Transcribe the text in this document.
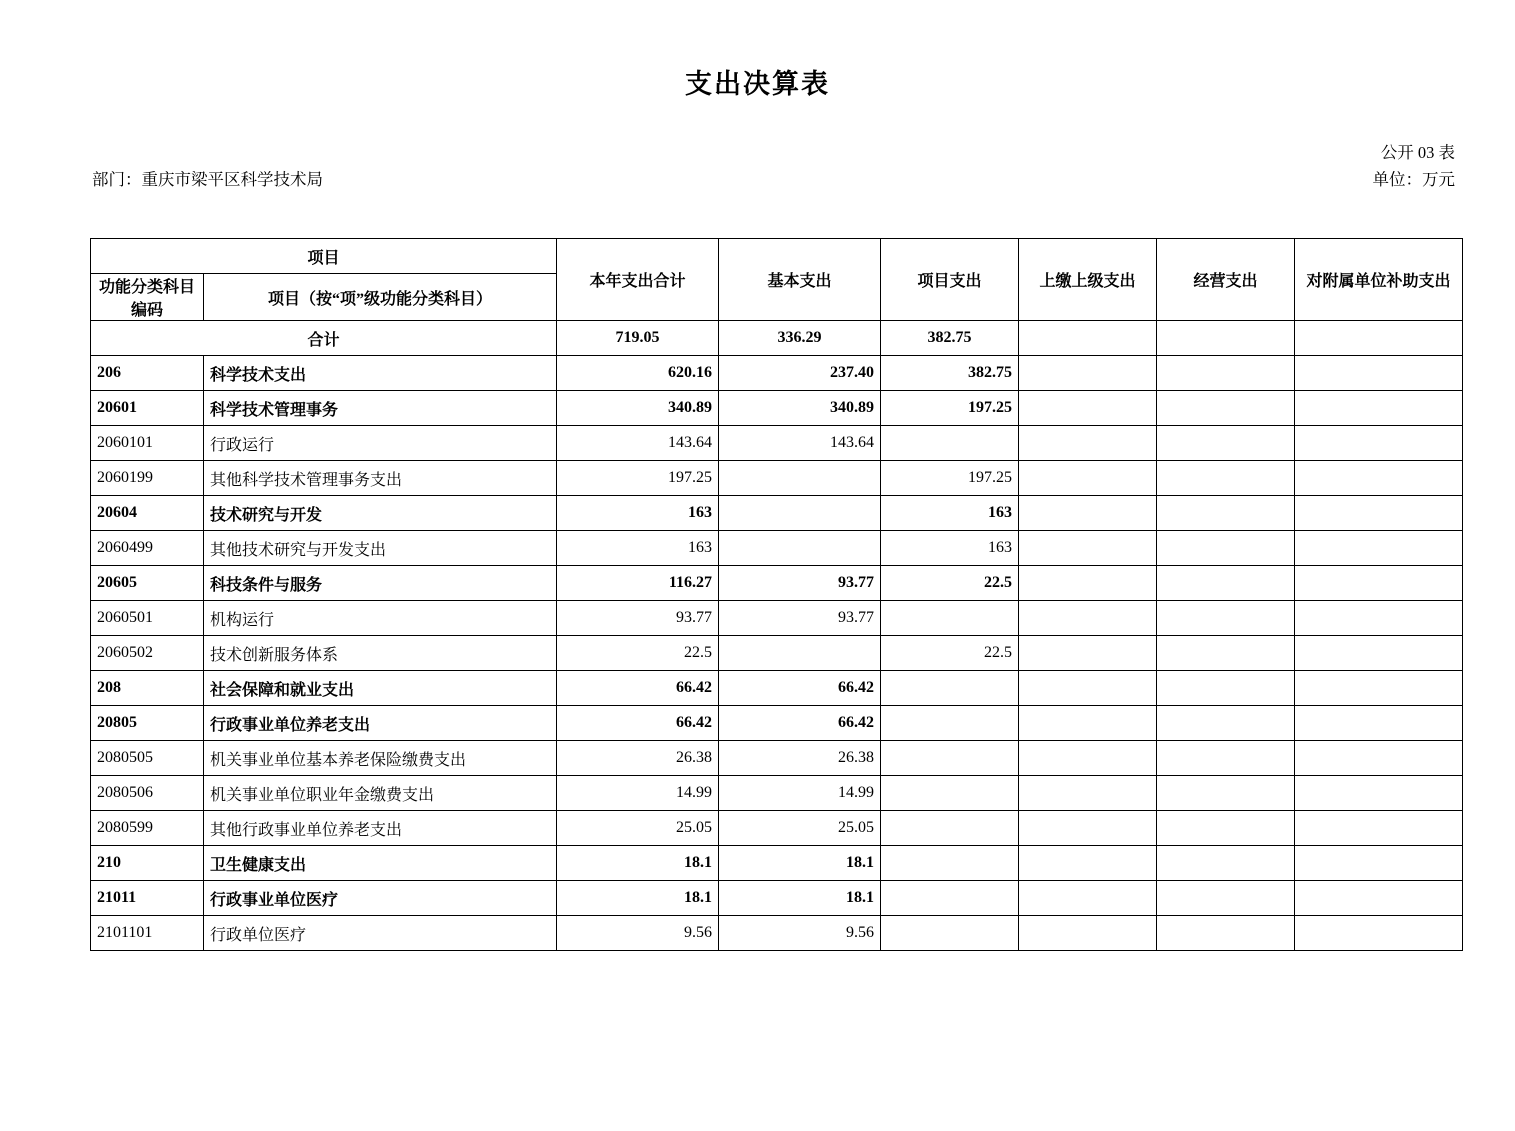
支出决算表
公开 03 表
部门：重庆市梁平区科学技术局	单位：万元
项目		本年支出合计	基本支出	项目支出	上缴上级支出	经营支出	对附属单位补助支出
功能分类科目编码	项目（按“项”级功能分类科目）						
合计		719.05	336.29	382.75			
206	科学技术支出	620.16	237.40	382.75			
20601	科学技术管理事务	340.89	340.89	197.25			
2060101	行政运行	143.64	143.64				
2060199	其他科学技术管理事务支出	197.25		197.25			
20604	技术研究与开发	163		163			
2060499	其他技术研究与开发支出	163		163			
20605	科技条件与服务	116.27	93.77	22.5			
2060501	机构运行	93.77	93.77				
2060502	技术创新服务体系	22.5		22.5			
208	社会保障和就业支出	66.42	66.42				
20805	行政事业单位养老支出	66.42	66.42				
2080505	机关事业单位基本养老保险缴费支出	26.38	26.38				
2080506	机关事业单位职业年金缴费支出	14.99	14.99				
2080599	其他行政事业单位养老支出	25.05	25.05				
210	卫生健康支出	18.1	18.1				
21011	行政事业单位医疗	18.1	18.1				
2101101	行政单位医疗	9.56	9.56				
